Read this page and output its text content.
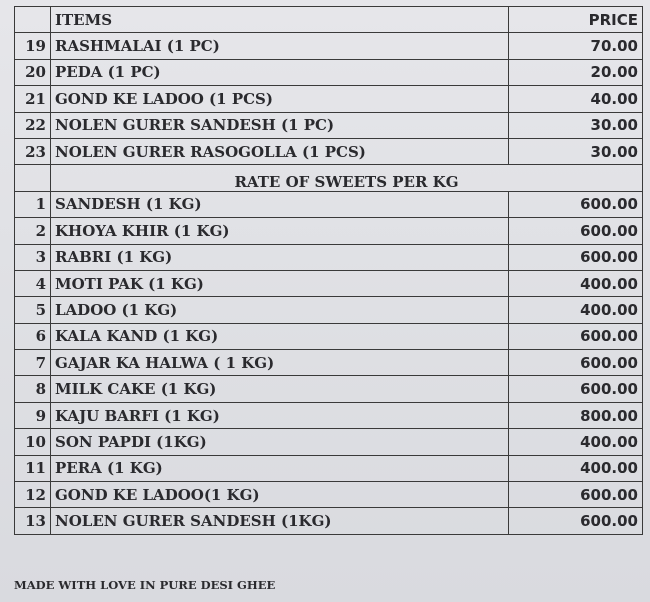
	ITEMS	PRICE
19	RASHMALAI (1 PC)	70.00
20	PEDA (1 PC)	20.00
21	GOND KE LADOO (1 PCS)	40.00
22	NOLEN GURER SANDESH (1 PC)	30.00
23	NOLEN GURER RASOGOLLA (1 PCS)	30.00
	RATE OF SWEETS PER KG	
1	SANDESH (1 KG)	600.00
2	KHOYA KHIR (1 KG)	600.00
3	RABRI (1 KG)	600.00
4	MOTI PAK (1 KG)	400.00
5	LADOO (1 KG)	400.00
6	KALA KAND (1 KG)	600.00
7	GAJAR KA HALWA ( 1 KG)	600.00
8	MILK CAKE (1 KG)	600.00
9	KAJU BARFI (1 KG)	800.00
10	SON PAPDI (1KG)	400.00
11	PERA (1 KG)	400.00
12	GOND KE LADOO(1 KG)	600.00
13	NOLEN GURER SANDESH (1KG)	600.00
MADE WITH LOVE IN PURE DESI GHEE
